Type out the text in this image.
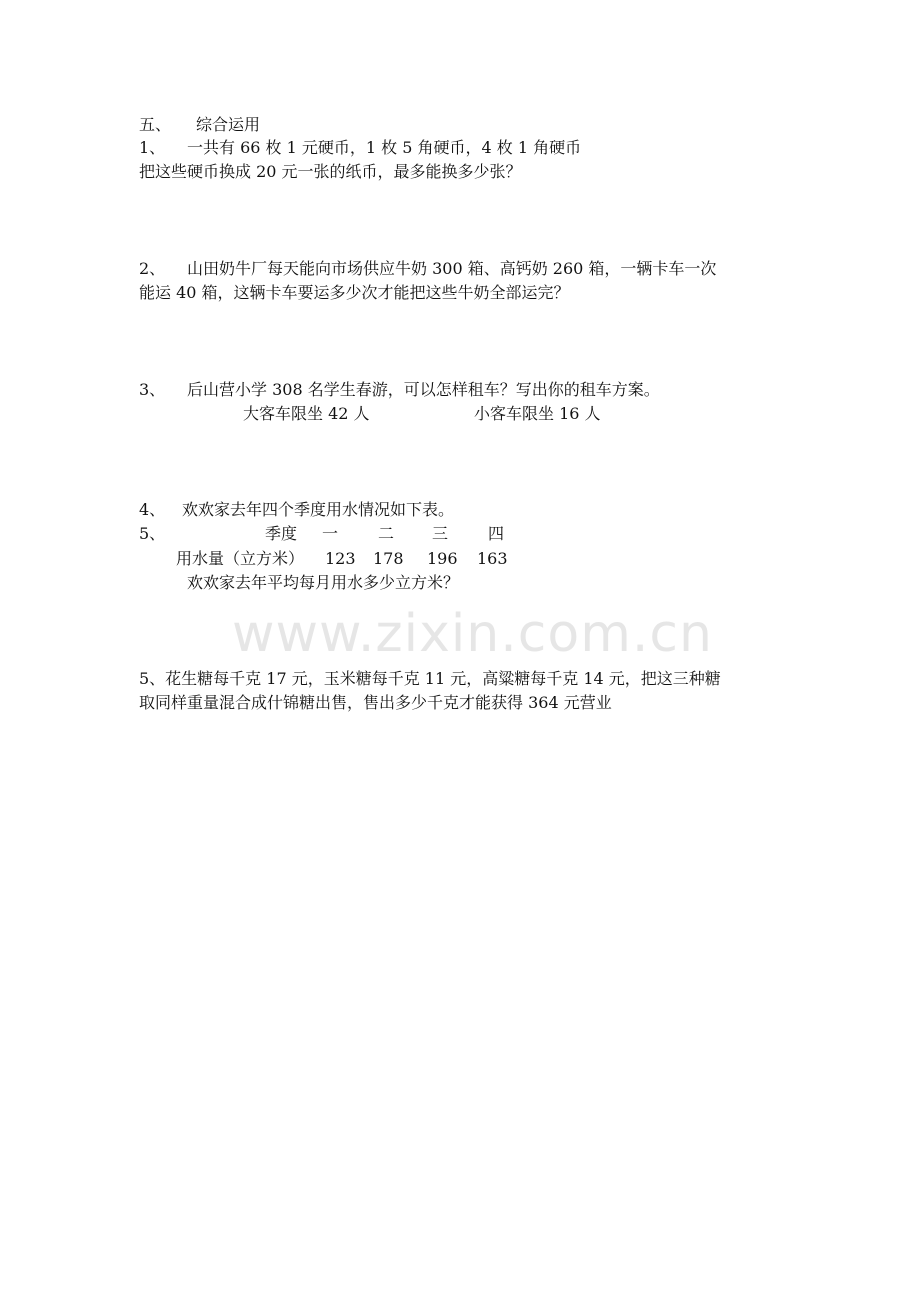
www.zixin.com.cn
五、 综合运用
1、 一共有 66 枚 1 元硬币，1 枚 5 角硬币，4 枚 1 角硬币
把这些硬币换成 20 元一张的纸币，最多能换多少张？
2、 山田奶牛厂每天能向市场供应牛奶 300 箱、高钙奶 260 箱，一辆卡车一次
能运 40 箱，这辆卡车要运多少次才能把这些牛奶全部运完？
3、 后山营小学 308 名学生春游，可以怎样租车？写出你的租车方案。
大客车限坐 42 人	小客车限坐 16 人
4、 欢欢家去年四个季度用水情况如下表。
5、	季度 一 二 三 四
用水量（立方米） 123 178 196 163
欢欢家去年平均每月用水多少立方米？
5、花生糖每千克 17 元，玉米糖每千克 11 元，高粱糖每千克 14 元，把这三种糖
取同样重量混合成什锦糖出售，售出多少千克才能获得 364 元营业
